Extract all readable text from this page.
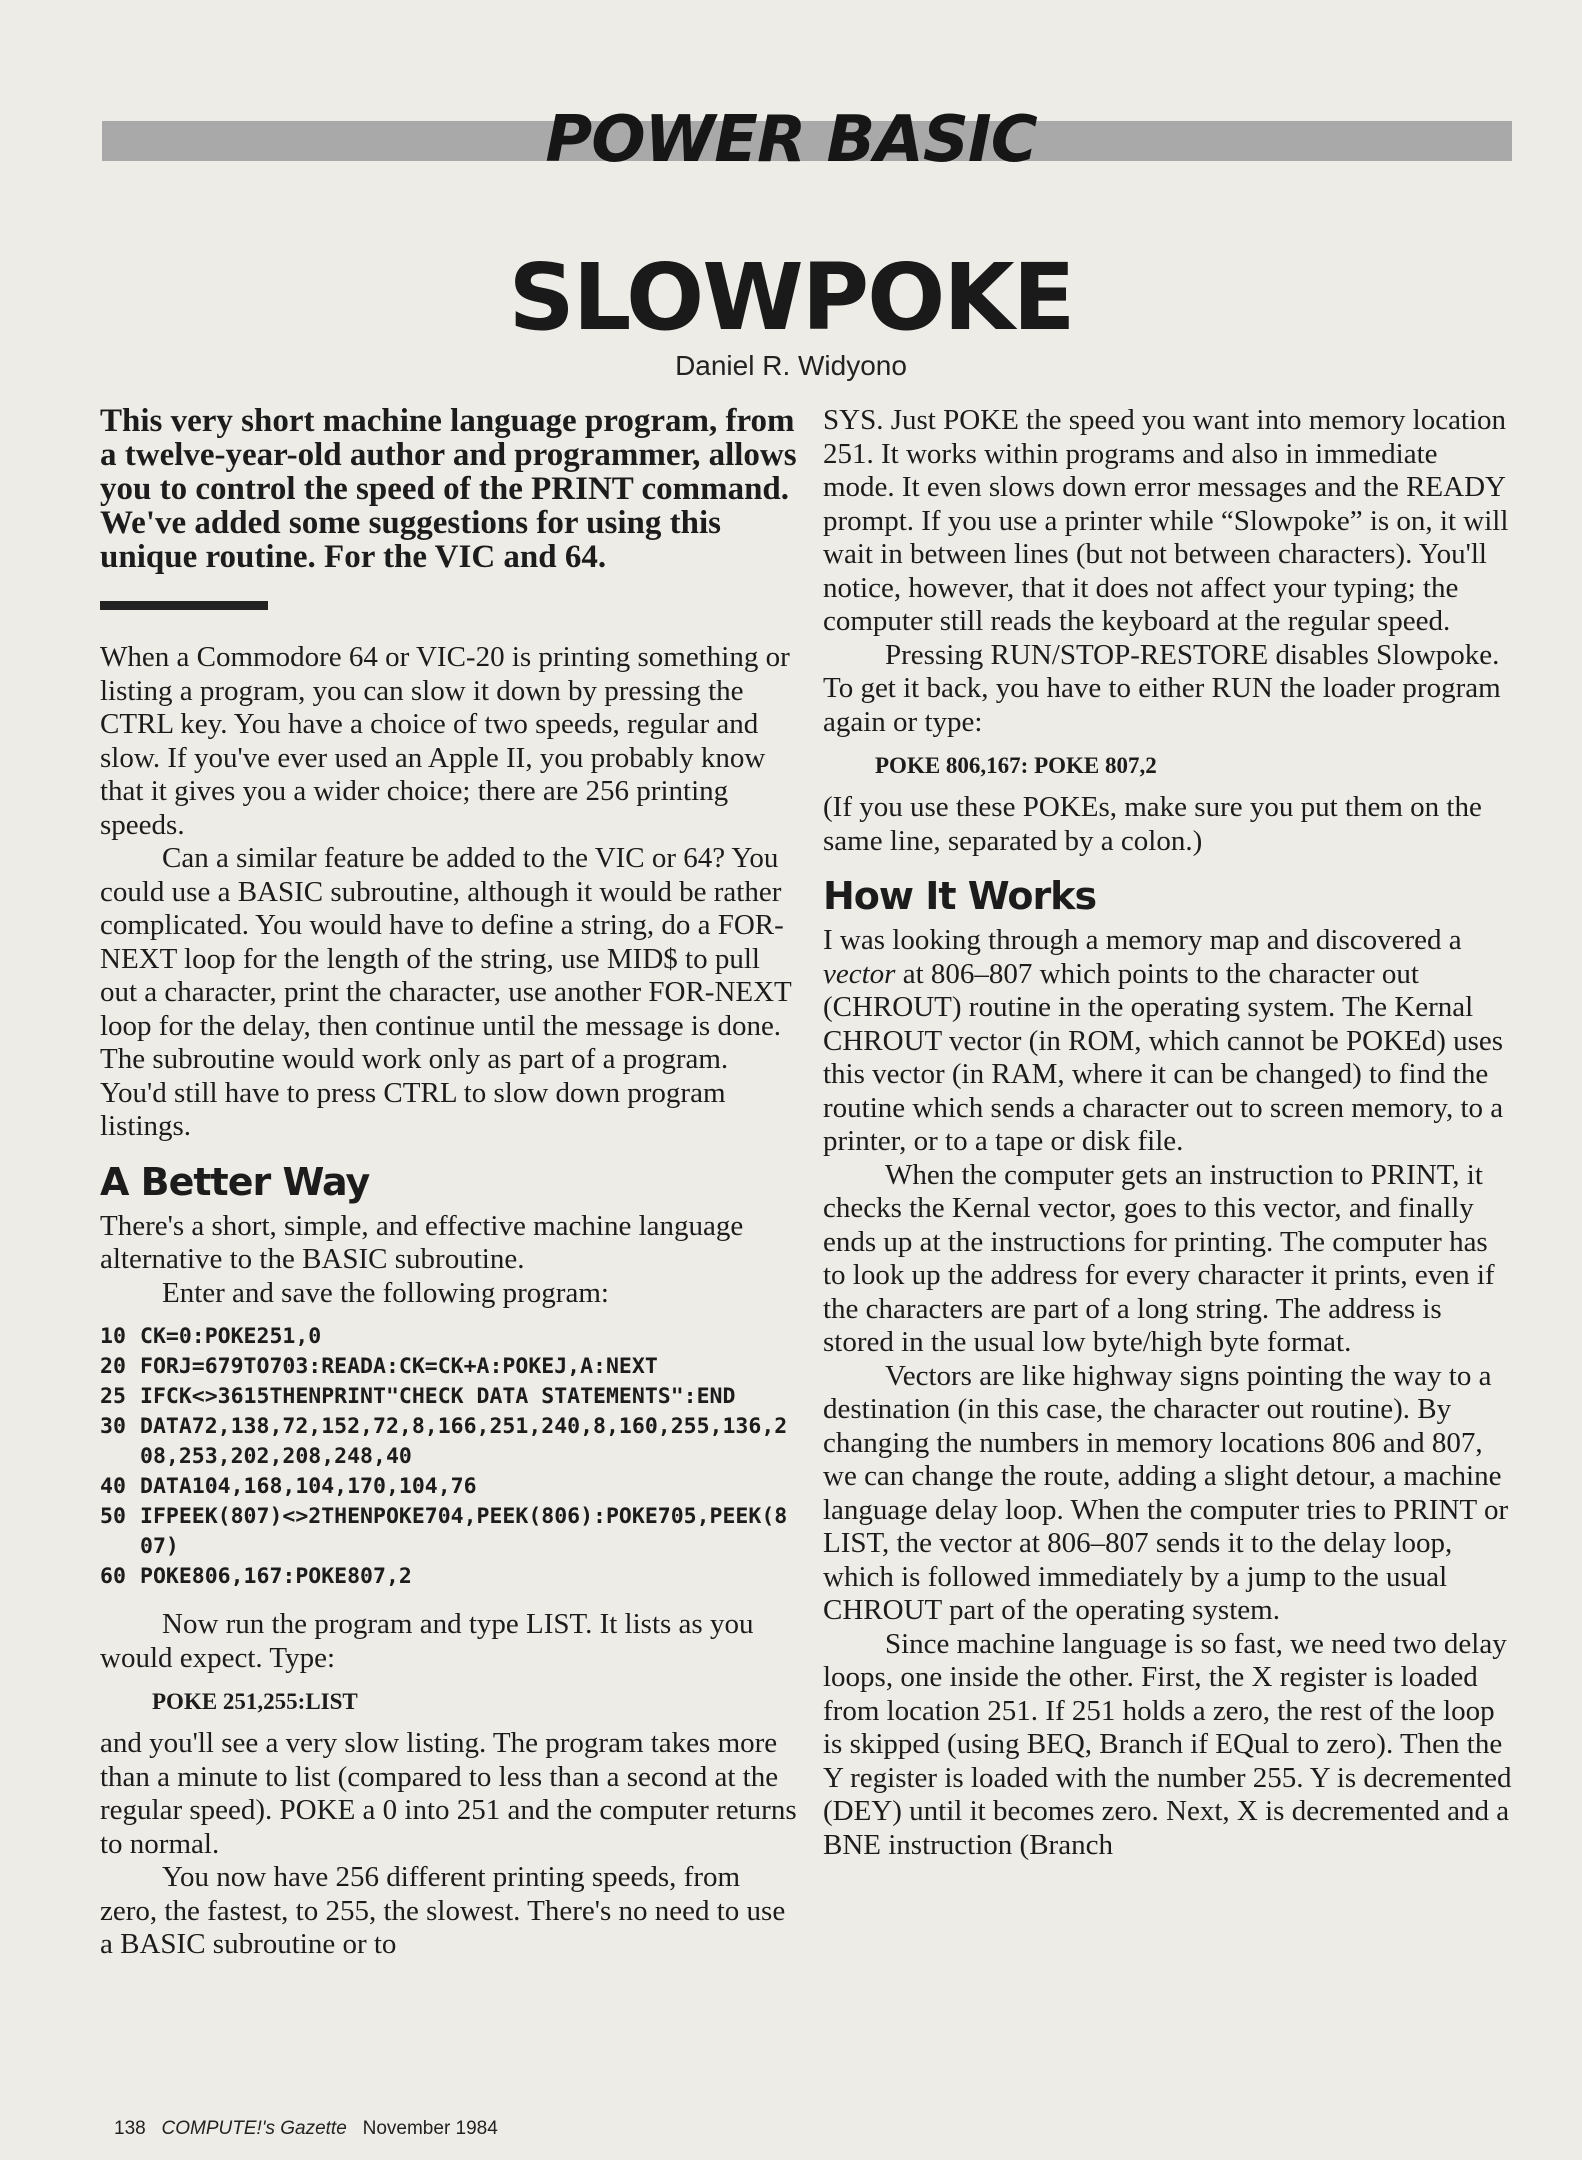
POWER BASIC
SLOWPOKE
Daniel R. Widyono

This very short machine language program, from a twelve-year-old author and programmer, allows you to control the speed of the PRINT command. We've added some suggestions for using this unique routine. For the VIC and 64.

When a Commodore 64 or VIC-20 is printing something or listing a program, you can slow it down by pressing the CTRL key. You have a choice of two speeds, regular and slow. If you've ever used an Apple II, you probably know that it gives you a wider choice; there are 256 printing speeds.

Can a similar feature be added to the VIC or 64? You could use a BASIC subroutine, although it would be rather complicated. You would have to define a string, do a FOR-NEXT loop for the length of the string, use MID$ to pull out a character, print the character, use another FOR-NEXT loop for the delay, then continue until the message is done. The subroutine would work only as part of a program. You'd still have to press CTRL to slow down program listings.

A Better Way

There's a short, simple, and effective machine language alternative to the BASIC subroutine.

Enter and save the following program:

10 CK=0:POKE251,0
20 FORJ=679TO703:READA:CK=CK+A:POKEJ,A:NEXT
25 IFCK<>3615THENPRINT"CHECK DATA STATEMENTS":END
30 DATA72,138,72,152,72,8,166,251,240,8,160,255,136,208,253,202,208,248,40
40 DATA104,168,104,170,104,76
50 IFPEEK(807)<>2THENPOKE704,PEEK(806):POKE705,PEEK(807)
60 POKE806,167:POKE807,2

Now run the program and type LIST. It lists as you would expect. Type:

POKE 251,255:LIST

and you'll see a very slow listing. The program takes more than a minute to list (compared to less than a second at the regular speed). POKE a 0 into 251 and the computer returns to normal.

You now have 256 different printing speeds, from zero, the fastest, to 255, the slowest. There's no need to use a BASIC subroutine or to

SYS. Just POKE the speed you want into memory location 251. It works within programs and also in immediate mode. It even slows down error messages and the READY prompt. If you use a printer while “Slowpoke” is on, it will wait in between lines (but not between characters). You'll notice, however, that it does not affect your typing; the computer still reads the keyboard at the regular speed.

Pressing RUN/STOP-RESTORE disables Slowpoke. To get it back, you have to either RUN the loader program again or type:

POKE 806,167: POKE 807,2

(If you use these POKEs, make sure you put them on the same line, separated by a colon.)

How It Works

I was looking through a memory map and discovered a vector at 806–807 which points to the character out (CHROUT) routine in the operating system. The Kernal CHROUT vector (in ROM, which cannot be POKEd) uses this vector (in RAM, where it can be changed) to find the routine which sends a character out to screen memory, to a printer, or to a tape or disk file.

When the computer gets an instruction to PRINT, it checks the Kernal vector, goes to this vector, and finally ends up at the instructions for printing. The computer has to look up the address for every character it prints, even if the characters are part of a long string. The address is stored in the usual low byte/high byte format.

Vectors are like highway signs pointing the way to a destination (in this case, the character out routine). By changing the numbers in memory locations 806 and 807, we can change the route, adding a slight detour, a machine language delay loop. When the computer tries to PRINT or LIST, the vector at 806–807 sends it to the delay loop, which is followed immediately by a jump to the usual CHROUT part of the operating system.

Since machine language is so fast, we need two delay loops, one inside the other. First, the X register is loaded from location 251. If 251 holds a zero, the rest of the loop is skipped (using BEQ, Branch if EQual to zero). Then the Y register is loaded with the number 255. Y is decremented (DEY) until it becomes zero. Next, X is decremented and a BNE instruction (Branch

138 COMPUTE!'s Gazette November 1984
